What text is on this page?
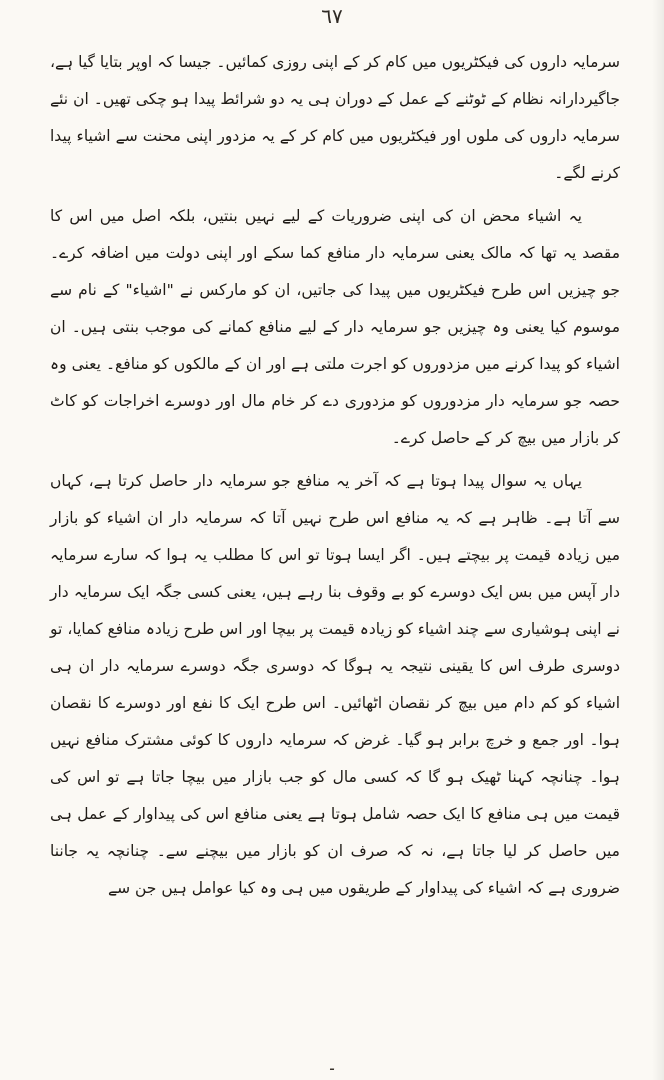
٦٧

سرمایہ داروں کی فیکٹریوں میں کام کر کے اپنی روزی کمائیں۔ جیسا کہ اوپر بتایا گیا ہے، جاگیردارانہ نظام کے ٹوٹنے کے عمل کے دوران ہی یہ دو شرائط پیدا ہو چکی تھیں۔ ان نئے سرمایہ داروں کی ملوں اور فیکٹریوں میں کام کر کے یہ مزدور اپنی محنت سے اشیاء پیدا کرنے لگے۔

یہ اشیاء محض ان کی اپنی ضروریات کے لیے نہیں بنتیں، بلکہ اصل میں اس کا مقصد یہ تھا کہ مالک یعنی سرمایہ دار منافع کما سکے اور اپنی دولت میں اضافہ کرے۔ جو چیزیں اس طرح فیکٹریوں میں پیدا کی جاتیں، ان کو مارکس نے "اشیاء" کے نام سے موسوم کیا یعنی وہ چیزیں جو سرمایہ دار کے لیے منافع کمانے کی موجب بنتی ہیں۔ ان اشیاء کو پیدا کرنے میں مزدوروں کو اجرت ملتی ہے اور ان کے مالکوں کو منافع۔ یعنی وہ حصہ جو سرمایہ دار مزدوروں کو مزدوری دے کر خام مال اور دوسرے اخراجات کو کاٹ کر بازار میں بیچ کر کے حاصل کرے۔

یہاں یہ سوال پیدا ہوتا ہے کہ آخر یہ منافع جو سرمایہ دار حاصل کرتا ہے، کہاں سے آتا ہے۔ ظاہر ہے کہ یہ منافع اس طرح نہیں آتا کہ سرمایہ دار ان اشیاء کو بازار میں زیادہ قیمت پر بیچتے ہیں۔ اگر ایسا ہوتا تو اس کا مطلب یہ ہوا کہ سارے سرمایہ دار آپس میں بس ایک دوسرے کو بے وقوف بنا رہے ہیں، یعنی کسی جگہ ایک سرمایہ دار نے اپنی ہوشیاری سے چند اشیاء کو زیادہ قیمت پر بیچا اور اس طرح زیادہ منافع کمایا، تو دوسری طرف اس کا یقینی نتیجہ یہ ہوگا کہ دوسری جگہ دوسرے سرمایہ دار ان ہی اشیاء کو کم دام میں بیچ کر نقصان اٹھائیں۔ اس طرح ایک کا نفع اور دوسرے کا نقصان ہوا۔ اور جمع و خرچ برابر ہو گیا۔ غرض کہ سرمایہ داروں کا کوئی مشترک منافع نہیں ہوا۔ چنانچہ کہنا ٹھیک ہو گا کہ کسی مال کو جب بازار میں بیچا جاتا ہے تو اس کی قیمت میں ہی منافع کا ایک حصہ شامل ہوتا ہے یعنی منافع اس کی پیداوار کے عمل ہی میں حاصل کر لیا جاتا ہے، نہ کہ صرف ان کو بازار میں بیچنے سے۔ چنانچہ یہ جاننا ضروری ہے کہ اشیاء کی پیداوار کے طریقوں میں ہی وہ کیا عوامل ہیں جن سے

۔
